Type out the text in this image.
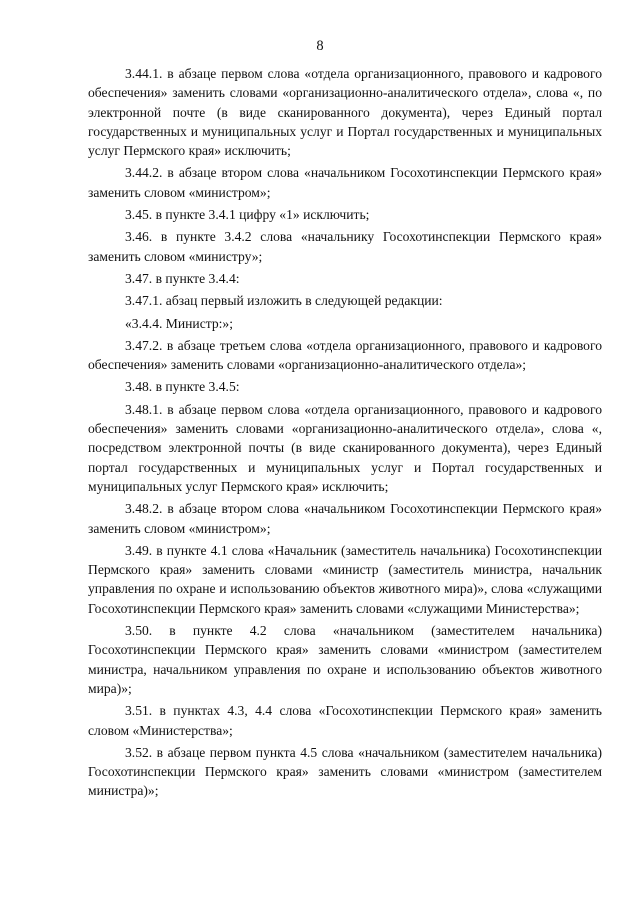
8

3.44.1. в абзаце первом слова «отдела организационного, правового и кадрового обеспечения» заменить словами «организационно-аналитического отдела», слова «, по электронной почте (в виде сканированного документа), через Единый портал государственных и муниципальных услуг и Портал государственных и муниципальных услуг Пермского края» исключить;

3.44.2. в абзаце втором слова «начальником Госохотинспекции Пермского края» заменить словом «министром»;

3.45. в пункте 3.4.1 цифру «1» исключить;

3.46. в пункте 3.4.2 слова «начальнику Госохотинспекции Пермского края» заменить словом «министру»;

3.47. в пункте 3.4.4:

3.47.1. абзац первый изложить в следующей редакции:

«3.4.4. Министр:»;

3.47.2. в абзаце третьем слова «отдела организационного, правового и кадрового обеспечения» заменить словами «организационно-аналитического отдела»;

3.48. в пункте 3.4.5:

3.48.1. в абзаце первом слова «отдела организационного, правового и кадрового обеспечения» заменить словами «организационно-аналитического отдела», слова «, посредством электронной почты (в виде сканированного документа), через Единый портал государственных и муниципальных услуг и Портал государственных и муниципальных услуг Пермского края» исключить;

3.48.2. в абзаце втором слова «начальником Госохотинспекции Пермского края» заменить словом «министром»;

3.49. в пункте 4.1 слова «Начальник (заместитель начальника) Госохотинспекции Пермского края» заменить словами «министр (заместитель министра, начальник управления по охране и использованию объектов животного мира)», слова «служащими Госохотинспекции Пермского края» заменить словами «служащими Министерства»;

3.50. в пункте 4.2 слова «начальником (заместителем начальника) Госохотинспекции Пермского края» заменить словами «министром (заместителем министра, начальником управления по охране и использованию объектов животного мира)»;

3.51. в пунктах 4.3, 4.4 слова «Госохотинспекции Пермского края» заменить словом «Министерства»;

3.52. в абзаце первом пункта 4.5 слова «начальником (заместителем начальника) Госохотинспекции Пермского края» заменить словами «министром (заместителем министра)»;
